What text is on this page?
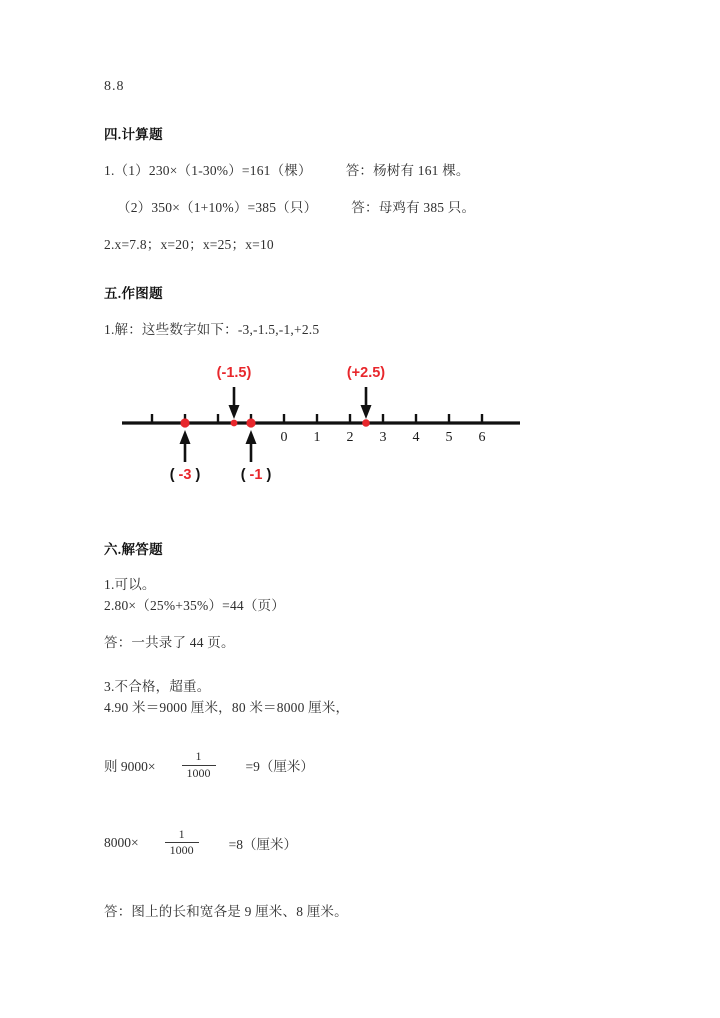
8.8
四.计算题
1.（1）230×（1-30%）=161（棵）	答：杨树有 161 棵。
（2）350×（1+10%）=385（只）	答：母鸡有 385 只。
2.x=7.8；x=20；x=25；x=10
五.作图题
1.解：这些数字如下：-3,-1.5,-1,+2.5
(-1.5)	(+2.5)
( -3 )	( -1 )
0 1 2 3 4 5 6
六.解答题
1.可以。
2.80×（25%+35%）=44（页）
答：一共录了 44 页。
3.不合格，超重。
4.90 米＝9000 厘米，80 米＝8000 厘米，
则 $9000\times \frac{1}{1000} =9$（厘米）
$8000\times \frac{1}{1000} =8$（厘米）
答：图上的长和宽各是 9 厘米、8 厘米。
